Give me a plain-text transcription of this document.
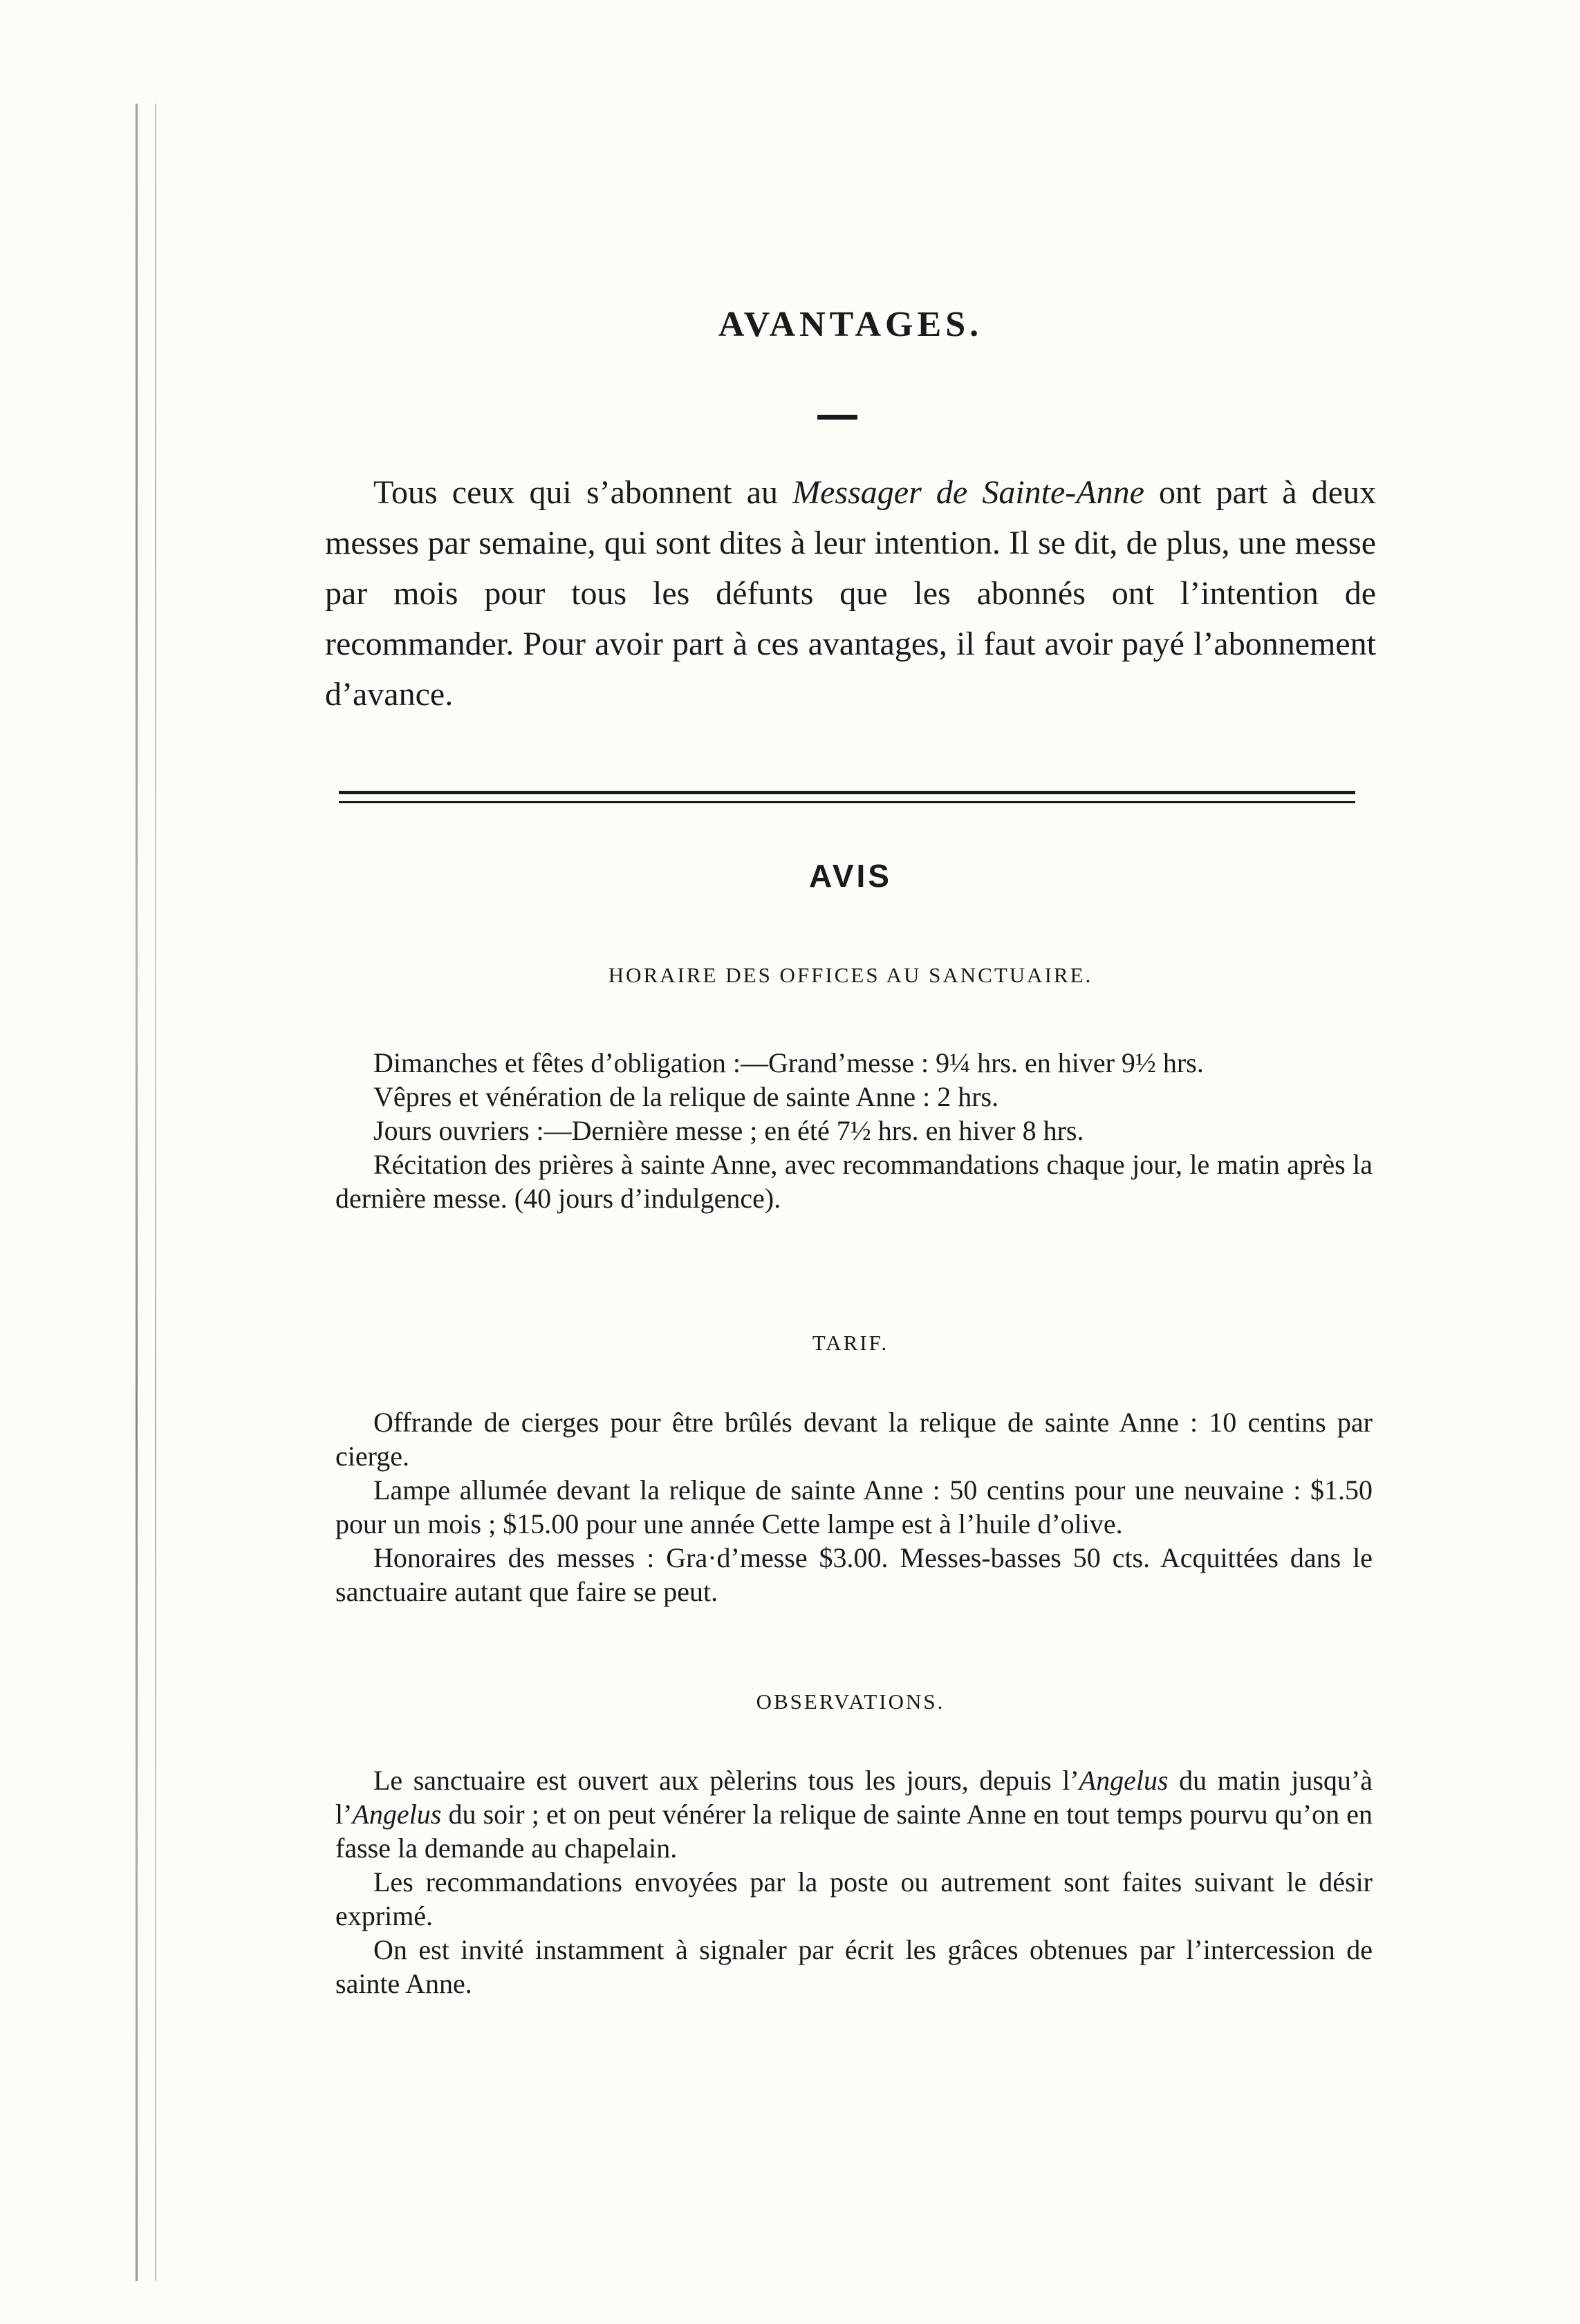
AVANTAGES.

Tous ceux qui s’abonnent au Messager de Sainte-Anne ont part à deux messes par semaine, qui sont dites à leur intention. Il se dit, de plus, une messe par mois pour tous les défunts que les abonnés ont l’intention de recommander. Pour avoir part à ces avantages, il faut avoir payé l’abonnement d’avance.

AVIS
HORAIRE DES OFFICES AU SANCTUAIRE.

Dimanches et fêtes d’obligation :—Grand’messe : 9¼ hrs. en hiver 9½ hrs.

Vêpres et vénération de la relique de sainte Anne : 2 hrs.

Jours ouvriers :—Dernière messe ; en été 7½ hrs. en hiver 8 hrs.

Récitation des prières à sainte Anne, avec recommandations chaque jour, le matin après la dernière messe. (40 jours d’indulgence).

TARIF.

Offrande de cierges pour être brûlés devant la relique de sainte Anne : 10 centins par cierge.

Lampe allumée devant la relique de sainte Anne : 50 centins pour une neuvaine : $1.50 pour un mois ; $15.00 pour une année Cette lampe est à l’huile d’olive.

Honoraires des messes : Gra·d’messe $3.00. Messes-basses 50 cts. Acquittées dans le sanctuaire autant que faire se peut.

OBSERVATIONS.

Le sanctuaire est ouvert aux pèlerins tous les jours, depuis l’Angelus du matin jusqu’à l’Angelus du soir ; et on peut vénérer la relique de sainte Anne en tout temps pourvu qu’on en fasse la demande au chapelain.

Les recommandations envoyées par la poste ou autrement sont faites suivant le désir exprimé.

On est invité instamment à signaler par écrit les grâces obtenues par l’intercession de sainte Anne.
